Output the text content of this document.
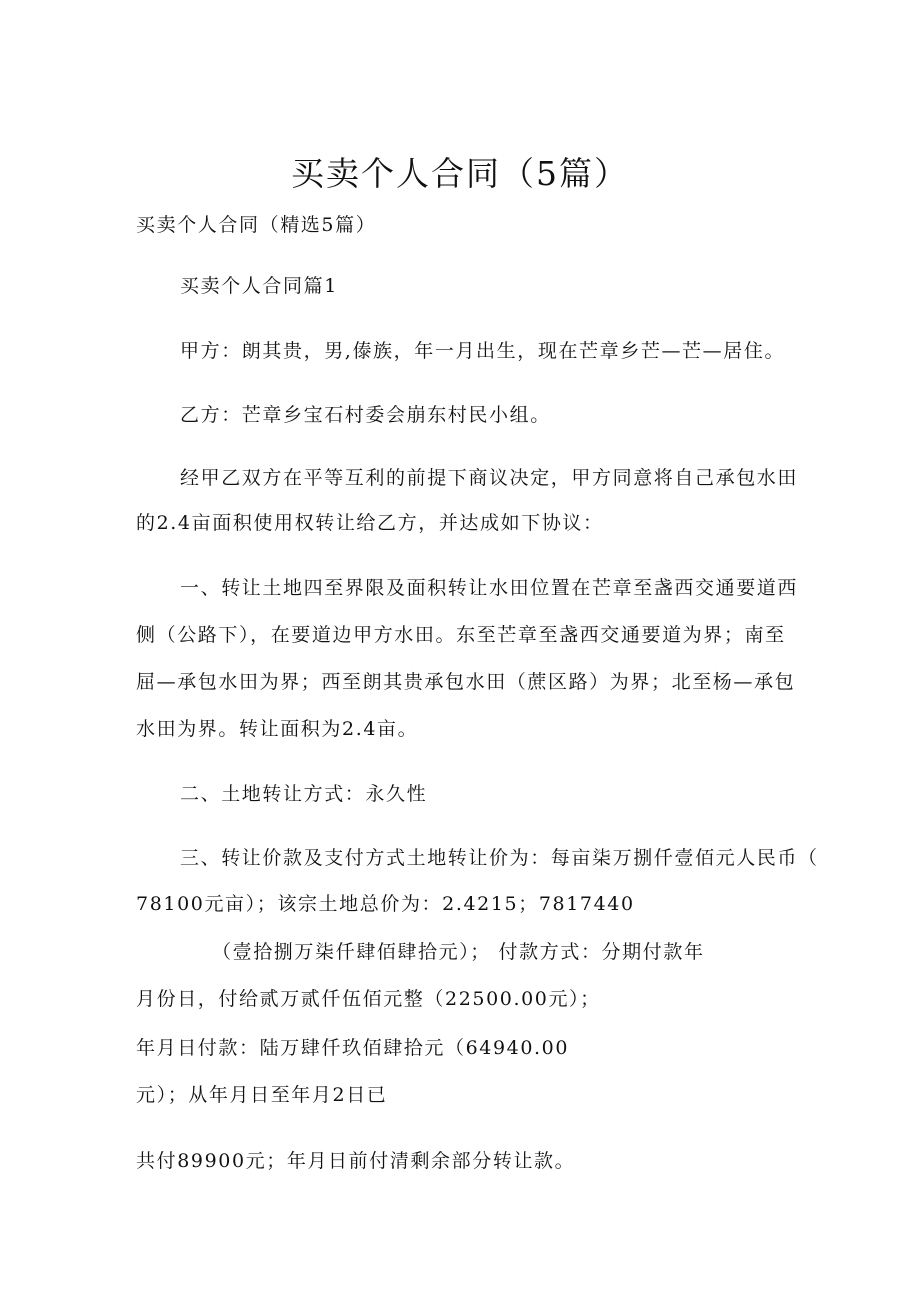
买卖个人合同（5篇）
买卖个人合同（精选5篇）
买卖个人合同篇1
甲方：朗其贵，男,傣族，年一月出生，现在芒章乡芒—芒—居住。
乙方：芒章乡宝石村委会崩东村民小组。
经甲乙双方在平等互利的前提下商议决定，甲方同意将自己承包水田
的2.4亩面积使用权转让给乙方，并达成如下协议：
一、转让土地四至界限及面积转让水田位置在芒章至盏西交通要道西
侧（公路下），在要道边甲方水田。东至芒章至盏西交通要道为界；南至
屈—承包水田为界；西至朗其贵承包水田（蔗区路）为界；北至杨—承包
水田为界。转让面积为2.4亩。
二、土地转让方式：永久性
三、转让价款及支付方式土地转让价为：每亩柒万捌仟壹佰元人民币（
78100元亩）；该宗土地总价为：2.4215；7817440
（壹拾捌万柒仟肆佰肆拾元）； 付款方式：分期付款年
月份日，付给贰万贰仟伍佰元整（22500.00元）；
年月日付款：陆万肆仟玖佰肆拾元（64940.00
元）；从年月日至年月2日已
共付89900元；年月日前付清剩余部分转让款。
